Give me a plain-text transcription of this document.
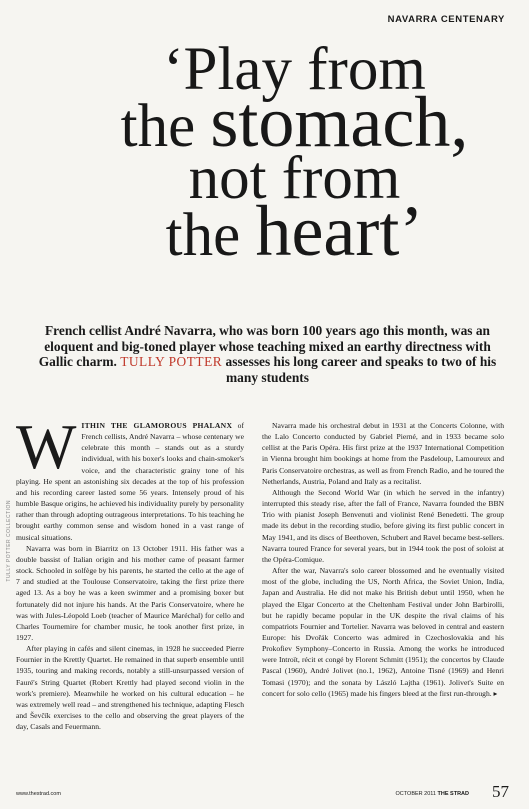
NAVARRA CENTENARY
‘Play from
the stomach,
not from
the heart’
TULLY POTTER COLLECTION
French cellist André Navarra, who was born 100 years ago this month, was an eloquent and big-toned player whose teaching mixed an earthy directness with Gallic charm. TULLY POTTER assesses his long career and speaks to two of his many students

WITHIN THE GLAMOROUS PHALANX of French cellists, André Navarra – whose centenary we celebrate this month – stands out as a sturdy individual, with his boxer's looks and chain-smoker's voice, and the characteristic grainy tone of his playing. He spent an astonishing six decades at the top of his profession and his recording career lasted some 56 years. Intensely proud of his humble Basque origins, he achieved his individuality purely by personality rather than through adopting outrageous interpretations. To his teaching he brought earthy common sense and wisdom honed in a vast range of musical situations.

Navarra was born in Biarritz on 13 October 1911. His father was a double bassist of Italian origin and his mother came of peasant farmer stock. Schooled in solfège by his parents, he started the cello at the age of 7 and studied at the Toulouse Conservatoire, taking the first prize there aged 13. As a boy he was a keen swimmer and a promising boxer but fortunately did not injure his hands. At the Paris Conservatoire, where he was with Jules-Léopold Loeb (teacher of Maurice Maréchal) for cello and Charles Tournemire for chamber music, he took another first prize, in 1927.

After playing in cafés and silent cinemas, in 1928 he succeeded Pierre Fournier in the Krettly Quartet. He remained in that superb ensemble until 1935, touring and making records, notably a still-unsurpassed version of Fauré's String Quartet (Robert Krettly had played second violin in the work's premiere). Meanwhile he worked on his cultural education – he was extremely well read – and strengthened his technique, adapting Flesch and Ševčík exercises to the cello and observing the great players of the day, Casals and Feuermann.

Navarra made his orchestral debut in 1931 at the Concerts Colonne, with the Lalo Concerto conducted by Gabriel Pierné, and in 1933 became solo cellist at the Paris Opéra. His first prize at the 1937 International Competition in Vienna brought him bookings at home from the Pasdeloup, Lamoureux and Paris Conservatoire orchestras, as well as from French Radio, and he toured the Netherlands, Austria, Poland and Italy as a recitalist.

Although the Second World War (in which he served in the infantry) interrupted this steady rise, after the fall of France, Navarra founded the BBN Trio with pianist Joseph Benvenuti and violinist René Benedetti. The group made its debut in the recording studio, before giving its first public concert in May 1941, and its discs of Beethoven, Schubert and Ravel became best-sellers. Navarra toured France for several years, but in 1944 took the post of soloist at the Opéra-Comique.

After the war, Navarra's solo career blossomed and he eventually visited most of the globe, including the US, North Africa, the Soviet Union, India, Japan and Australia. He did not make his British debut until 1950, when he played the Elgar Concerto at the Cheltenham Festival under John Barbirolli, but he rapidly became popular in the UK despite the rival claims of his compatriots Fournier and Tortelier. Navarra was beloved in central and eastern Europe: his Dvořák Concerto was admired in Czechoslovakia and his Prokofiev Symphony–Concerto in Russia. Among the works he introduced were Introït, récit et congé by Florent Schmitt (1951); the concertos by Claude Pascal (1960), André Jolivet (no.1, 1962), Antoine Tisné (1969) and Henri Tomasi (1970); and the sonata by László Lajtha (1961). Jolivet's Suite en concert for solo cello (1965) made his fingers bleed at the first run-through. ▸

www.thestrad.com	OCTOBER 2011 THE STRAD 57
